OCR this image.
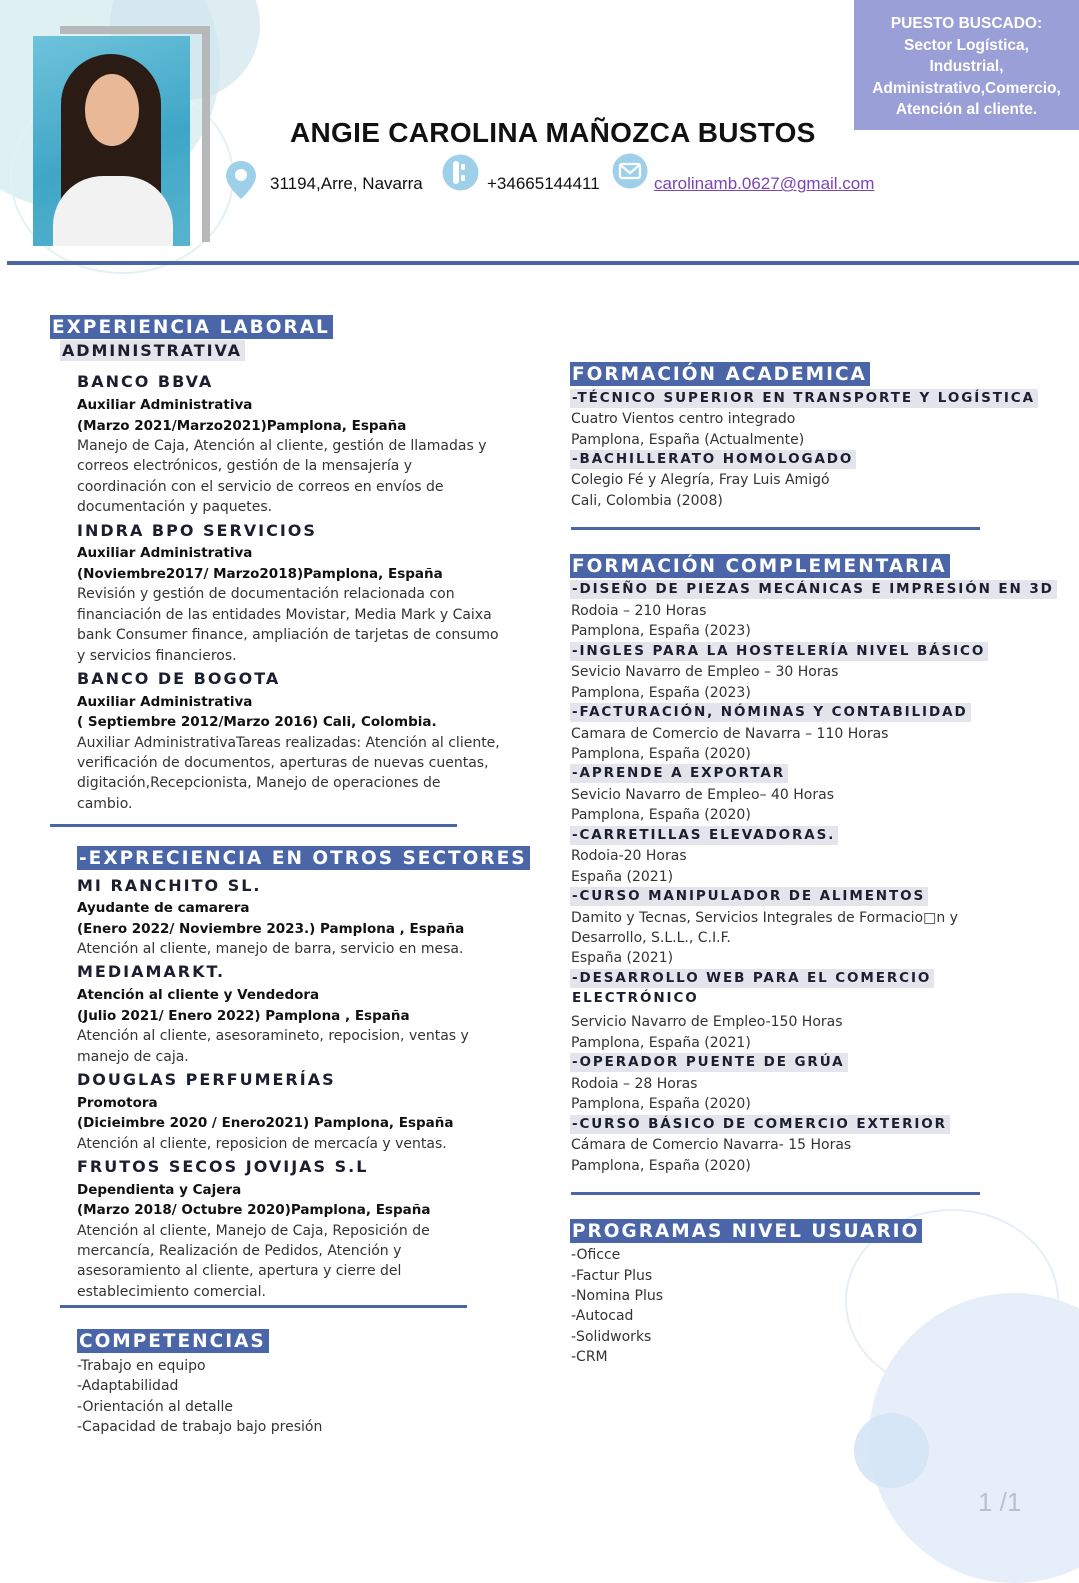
PUESTO BUSCADO:
Sector Logística,
Industrial,
Administrativo,Comercio,
Atención al cliente.
ANGIE CAROLINA MAÑOZCA BUSTOS
31194,Arre, Navarra	+34665144411	carolinamb.0627@gmail.com
EXPERIENCIA LABORAL
ADMINISTRATIVA
BANCO BBVA
Auxiliar Administrativa
(Marzo 2021/Marzo2021)Pamplona, España
Manejo de Caja, Atención al cliente, gestión de llamadas y
correos electrónicos, gestión de la mensajería y
coordinación con el servicio de correos en envíos de
documentación y paquetes.
INDRA BPO SERVICIOS
Auxiliar Administrativa
(Noviembre2017/ Marzo2018)Pamplona, España
Revisión y gestión de documentación relacionada con
financiación de las entidades Movistar, Media Mark y Caixa
bank Consumer finance, ampliación de tarjetas de consumo
y servicios financieros.
BANCO DE BOGOTA
Auxiliar Administrativa
( Septiembre 2012/Marzo 2016) Cali, Colombia.
Auxiliar AdministrativaTareas realizadas: Atención al cliente,
verificación de documentos, aperturas de nuevas cuentas,
digitación,Recepcionista, Manejo de operaciones de
cambio.
-EXPRECIENCIA EN OTROS SECTORES
MI RANCHITO SL.
Ayudante de camarera
(Enero 2022/ Noviembre 2023.) Pamplona , España
Atención al cliente, manejo de barra, servicio en mesa.
MEDIAMARKT.
Atención al cliente y Vendedora
(Julio 2021/ Enero 2022) Pamplona , España
Atención al cliente, asesoramineto, repocision, ventas y
manejo de caja.
DOUGLAS PERFUMERÍAS
Promotora
(Dicieimbre 2020 / Enero2021) Pamplona, España
Atención al cliente, reposicion de mercacía y ventas.
FRUTOS SECOS JOVIJAS S.L
Dependienta y Cajera
(Marzo 2018/ Octubre 2020)Pamplona, España
Atención al cliente, Manejo de Caja, Reposición de
mercancía, Realización de Pedidos, Atención y
asesoramiento al cliente, apertura y cierre del
establecimiento comercial.
COMPETENCIAS
-Trabajo en equipo
-Adaptabilidad
-Orientación al detalle
-Capacidad de trabajo bajo presión
FORMACIÓN ACADEMICA
-TÉCNICO SUPERIOR EN TRANSPORTE Y LOGÍSTICA
Cuatro Vientos centro integrado
Pamplona, España (Actualmente)
-BACHILLERATO HOMOLOGADO
Colegio Fé y Alegría, Fray Luis Amigó
Cali, Colombia (2008)
FORMACIÓN COMPLEMENTARIA
-DISEÑO DE PIEZAS MECÁNICAS E IMPRESIÓN EN 3D
Rodoia – 210 Horas
Pamplona, España (2023)
-INGLES PARA LA HOSTELERÍA NIVEL BÁSICO
Sevicio Navarro de Empleo – 30 Horas
Pamplona, España (2023)
-FACTURACIÓN, NÓMINAS Y CONTABILIDAD
Camara de Comercio de Navarra – 110 Horas
Pamplona, España (2020)
-APRENDE A EXPORTAR
Sevicio Navarro de Empleo– 40 Horas
Pamplona, España (2020)
-CARRETILLAS ELEVADORAS.
Rodoia-20 Horas
España (2021)
-CURSO MANIPULADOR DE ALIMENTOS
Damito y Tecnas, Servicios Integrales de Formacio□n y
Desarrollo, S.L.L., C.I.F.
España (2021)
-DESARROLLO WEB PARA EL COMERCIO
ELECTRÓNICO
Servicio Navarro de Empleo-150 Horas
Pamplona, España (2021)
-OPERADOR PUENTE DE GRÚA
Rodoia – 28 Horas
Pamplona, España (2020)
-CURSO BÁSICO DE COMERCIO EXTERIOR
Cámara de Comercio Navarra- 15 Horas
Pamplona, España (2020)
PROGRAMAS NIVEL USUARIO
-Oficce
-Factur Plus
-Nomina Plus
-Autocad
-Solidworks
-CRM
1 /1
